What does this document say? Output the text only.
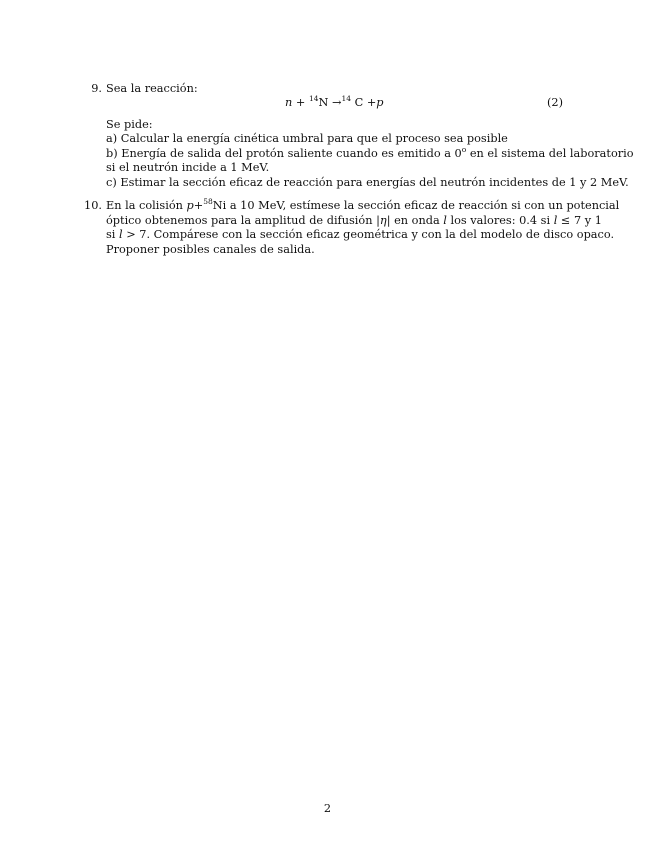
9. Sea la reacción:
n + $^{14}$N →$^{14}$ C +p	(2)
Se pide:
a) Calcular la energía cinética umbral para que el proceso sea posible
b) Energía de salida del protón saliente cuando es emitido a 0$^o$ en el sistema del laboratorio
si el neutrón incide a 1 MeV.
c) Estimar la sección eficaz de reacción para energías del neutrón incidentes de 1 y 2 MeV.
10. En la colisión p+$^{58}$Ni a 10 MeV, estímese la sección eficaz de reacción si con un potencial
óptico obtenemos para la amplitud de difusión |η| en onda l los valores: 0.4 si l ≤ 7 y 1
si l > 7. Compárese con la sección eficaz geométrica y con la del modelo de disco opaco.
Proponer posibles canales de salida.
2
